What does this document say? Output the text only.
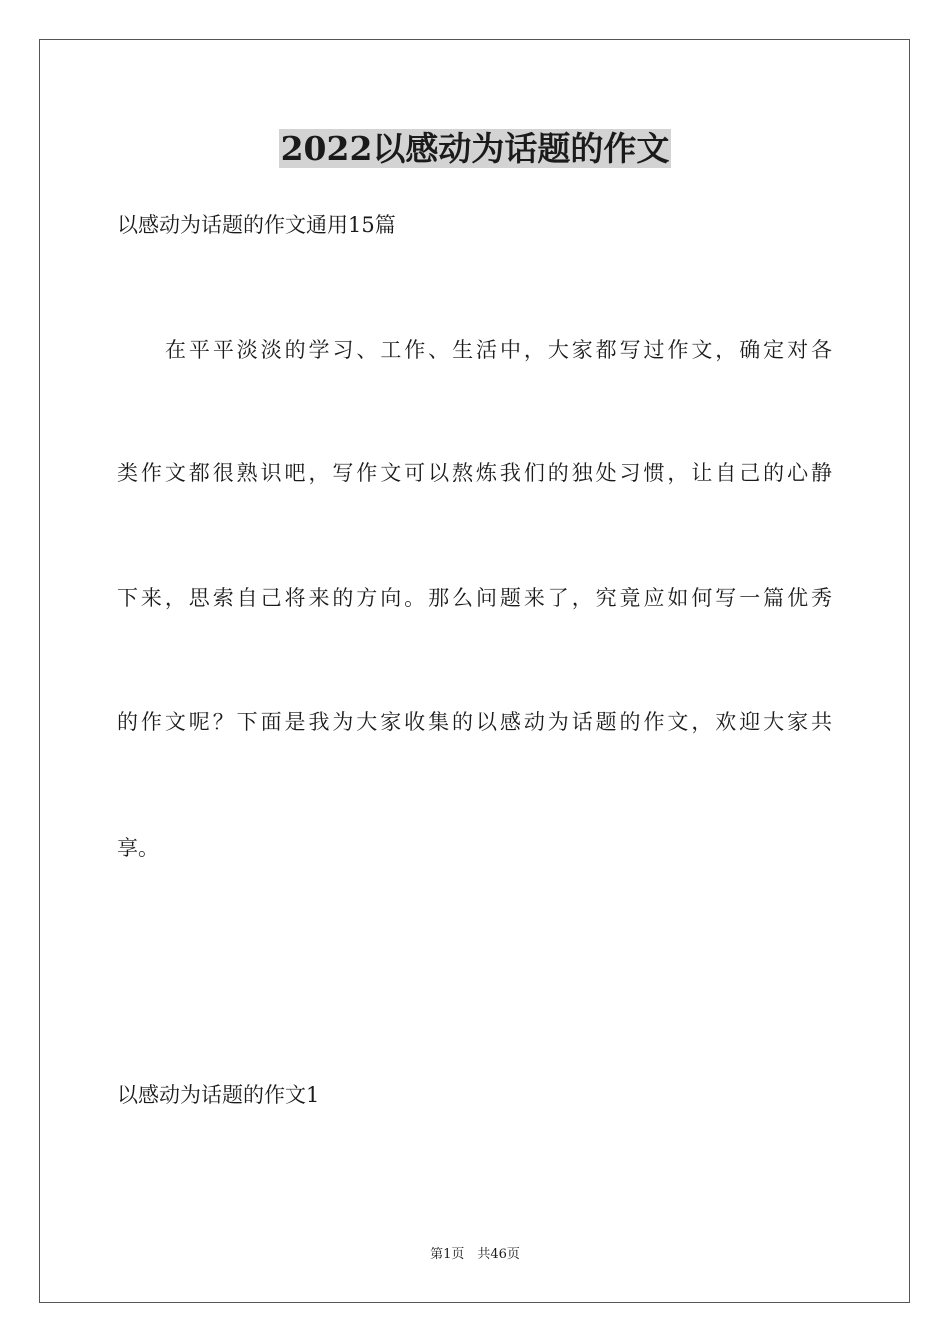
2022以感动为话题的作文

以感动为话题的作文通用15篇

在平平淡淡的学习、工作、生活中，大家都写过作文，确定对各

类作文都很熟识吧，写作文可以熬炼我们的独处习惯，让自己的心静

下来，思索自己将来的方向。那么问题来了，究竟应如何写一篇优秀

的作文呢？下面是我为大家收集的以感动为话题的作文，欢迎大家共

享。

以感动为话题的作文1

第1页　共46页
